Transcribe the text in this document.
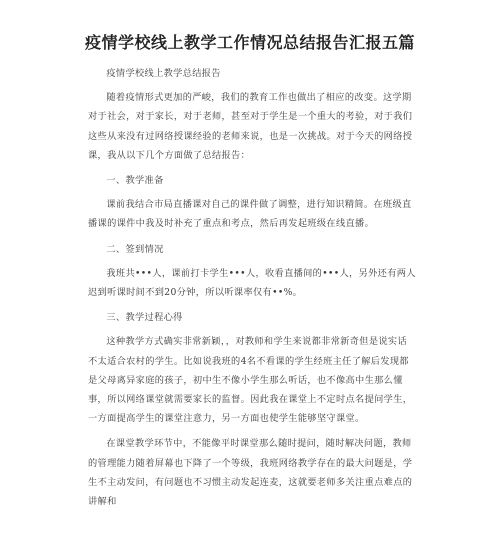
疫情学校线上教学工作情况总结报告汇报五篇

疫情学校线上教学总结报告

随着疫情形式更加的严峻，我们的教育工作也做出了相应的改变。这学期对于社会，对于家长，对于老师，甚至对于学生是一个重大的考验，对于我们这些从来没有过网络授课经验的老师来说，也是一次挑战。对于今天的网络授课，我从以下几个方面做了总结报告：

一、教学准备

课前我结合市局直播课对自己的课件做了调整，进行知识精简。在班级直播课的课件中我及时补充了重点和考点，然后再发起班级在线直播。

二、签到情况

我班共•••人，课前打卡学生•••人，收看直播间的•••人，另外还有两人迟到听课时间不到20分钟，所以听课率仅有••%。

三、教学过程心得

这种教学方式确实非常新颖，，对教师和学生来说都非常新奇但是说实话不太适合农村的学生。比如说我班的4名不看课的学生经班主任了解后发现都是父母离异家庭的孩子，初中生不像小学生那么听话，也不像高中生那么懂事，所以网络课堂就需要家长的监督。因此我在课堂上不定时点名提问学生，一方面提高学生的课堂注意力，另一方面也使学生能够坚守课堂。

在课堂教学环节中，不能像平时课堂那么随时提问，随时解决问题，教师的管理能力随着屏幕也下降了一个等级，我班网络教学存在的最大问题是，学生不主动发问，有问题也不习惯主动发起连麦，这就要老师多关注重点难点的讲解和
